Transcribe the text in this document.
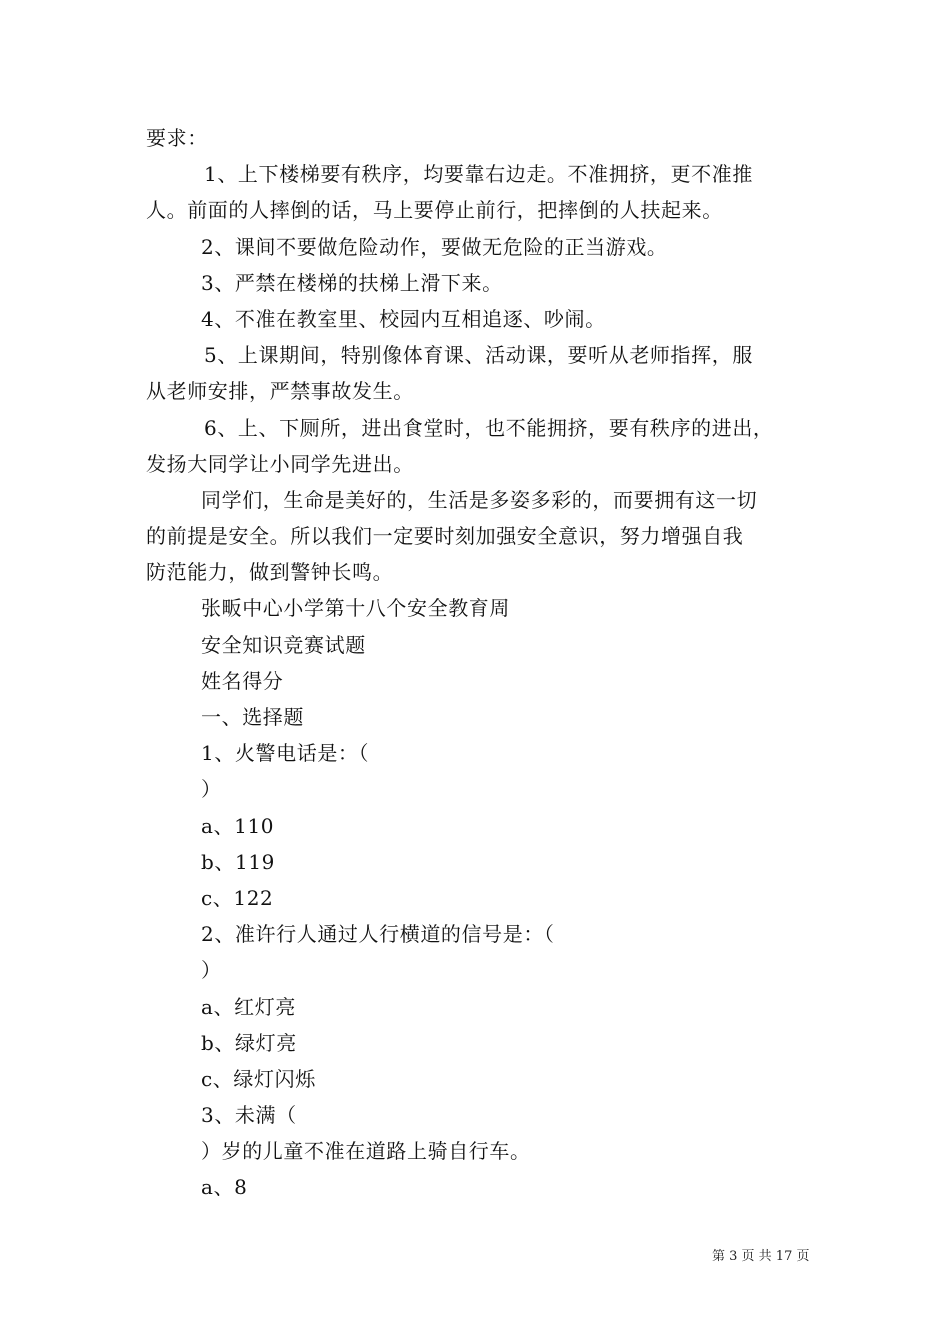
要求：
1、上下楼梯要有秩序，均要靠右边走。不准拥挤，更不准推
人。前面的人摔倒的话，马上要停止前行，把摔倒的人扶起来。
2、课间不要做危险动作，要做无危险的正当游戏。
3、严禁在楼梯的扶梯上滑下来。
4、不准在教室里、校园内互相追逐、吵闹。
5、上课期间，特别像体育课、活动课，要听从老师指挥，服
从老师安排，严禁事故发生。
6、上、下厕所，进出食堂时，也不能拥挤，要有秩序的进出，
发扬大同学让小同学先进出。
同学们，生命是美好的，生活是多姿多彩的，而要拥有这一切
的前提是安全。所以我们一定要时刻加强安全意识，努力增强自我
防范能力，做到警钟长鸣。
张畈中心小学第十八个安全教育周
安全知识竞赛试题
姓名得分
一、选择题
1、火警电话是：（
）
a、110
b、119
c、122
2、准许行人通过人行横道的信号是：（
）
a、红灯亮
b、绿灯亮
c、绿灯闪烁
3、未满（
）岁的儿童不准在道路上骑自行车。
a、8
第 3 页 共 17 页
